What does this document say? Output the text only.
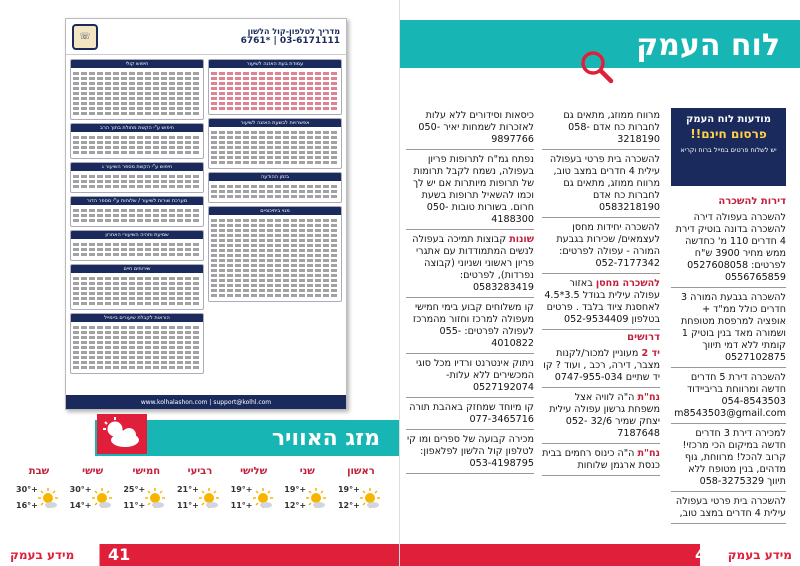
☏	מדריך לטלפון-קול הלשון
03-6171111 | *6761
עמודת בעת האזנה לשיעור
אפשרויות לבשעת האזנה לשיעור
בזמן ההודעה
מנוי ביתיכוניים
חיפוש קולי
חיפוש ע"י הקשת מחולת בתוך הרב
חיפוש ע"י הקשת מספר השיעור ג
מערכת שורות לשיעור / שלוחות ע"י מספר הדור
שמיעת ותהיה השיעורי האחרון
שירותים חיים
הוראות לקבלת שיעורים ביימייל
www.kolhalashon.com | support@kolhl.com
מזג האוויר
ראשון
+19°
+12°
שני
+19°
+12°
שלישי
+19°
+11°
רביעי
+21°
+11°
חמישי
+25°
+11°
שישי
+30°
+14°
שבת
+30°
+16°
41
מידע בעמק
לוח העמק
מודעות לוח העמק
פרסום חינם!!
יש לשלוח פרטים במייל ברוח וקריא
דירות להשכרה
להשכרה בעפולה דירה להשכרה בדונה בוטיק דירת 4 חדרים 110 מ' כחדשה ממש מחיר 3900 ש"ח לפרטים: 0527608058 0556765859
להשכרה בגבעת המורה 3 חדרים כולל ממ"ד + אופציה למרפסת מטופחת ושמורה מאד בנין בוטיק 1 קומתי ללא דמי תיווך 0527102875
להשכרה דירת 5 חדרים חדשה ומרווחת בריביידוד 054-8543503 m8543503@gmail.com
למכירה דירת 3 חדרים חדשה במיקום הכי מרכזי! קרוב להכל! מרווחת, גוף מדהים, בנין מטופח ללא תיווך 058-3275329
להשכרה בית פרטי בעפולה עילית 4 חדרים במצב טוב,
מרווח ממוזג, מתאים גם לחברות כח אדם 058-3218190
להשכרה בית פרטי בעפולה עילית 4 חדרים במצב טוב, מרווח ממוזג, מתאים גם לחברות כח אדם 0583218190
להשכרה יחידות מחסן לעצמאים/ שכירות בגבעת המורה - עפולה לפרטים: 052-7177342
להשכרה מחסן באזור עפולה עילית בגודל 3.5*4.5 לאחסנת ציוד בלבד . פרטים בטלפון 052-9534409
דרושים
יד 2 מעוניין למכור/לקנות מצבר, דירה, רכב , ועוד ? קו יד שתיים 0747-955-034
נח"ת ה"ה לוויה אצל משפחת גרשון עפולה עילית יצחק שמיר 32/6 052-7187648
נח"ת ה"ה כינוס רחמים בבית כנסת ארגמן שלוחות
כיסאות וסידורים ללא עלות לאזכרות לשמחות יאיר 050-9897766
נפתח גמ"ח לתרופות פריון בעפולה, נשמח לקבל תרומות של תרופות מיותרות אם יש לך וכמו להשאיל תרופות בשעת חרום. בשורות טובות 050-4188300
שונות קבוצות תמיכה בעפולה לנשים המתמודדות עם אתגרי פריון ראשוני ושניוני (קבוצה נפרדות), לפרטים: 0583283419
קו משלוחים קבוע בימי חמישי מעפולה למרכז וחזור מהמרכז לעפולה לפרטים: 055-4010822
ניתוק אינטרנט ורדיו מכל סוגי המכשירים ללא עלות- 0527192074
קו מיוחד שמחזק באהבת תורה 077-3465716
מכירה קבועה של ספרים ומו קי לטלפון קול הלשון לפלאפון: 053-4198795
40 מידע בעמק
